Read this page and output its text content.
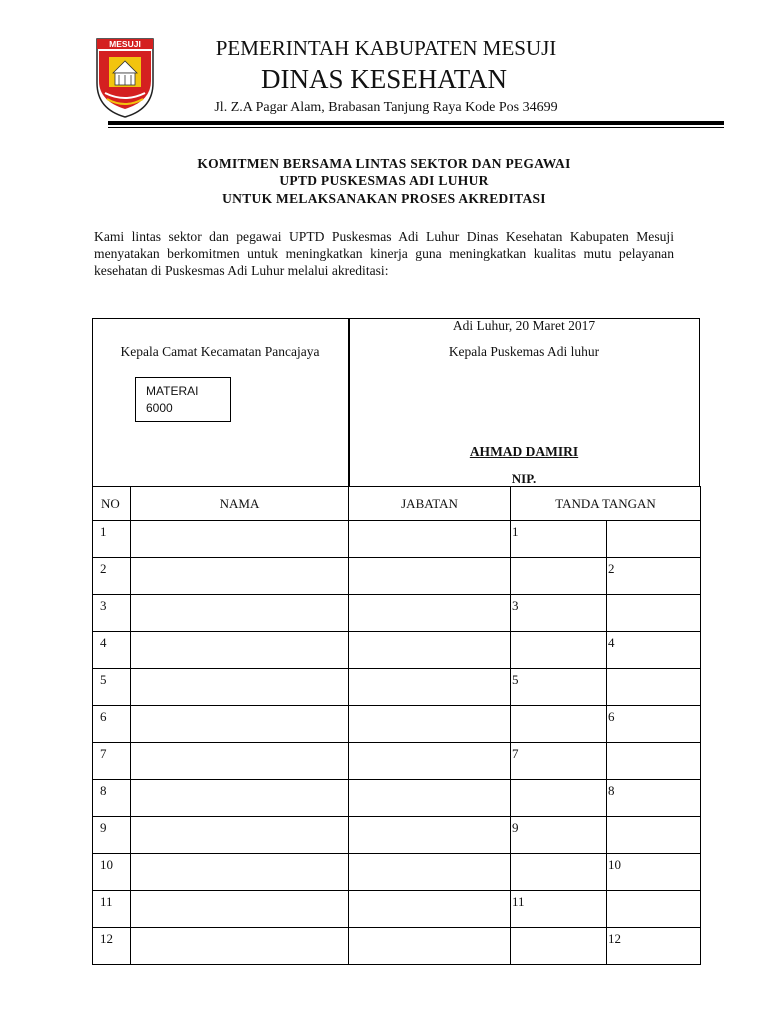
MESUJI	PEMERINTAH KABUPATEN MESUJI
DINAS KESEHATAN
Jl. Z.A Pagar Alam, Brabasan Tanjung Raya Kode Pos 34699
KOMITMEN BERSAMA LINTAS SEKTOR DAN PEGAWAI
UPTD PUSKESMAS ADI LUHUR
UNTUK MELAKSANAKAN PROSES AKREDITASI

Kami lintas sektor dan pegawai UPTD Puskesmas Adi Luhur Dinas Kesehatan Kabupaten Mesuji menyatakan berkomitmen untuk meningkatkan kinerja guna meningkatkan kualitas mutu pelayanan kesehatan di Puskesmas Adi Luhur melalui akreditasi:

Kepala Camat Kecamatan Pancajaya
MATERAI
6000
Adi Luhur, 20 Maret 2017
Kepala Puskemas Adi luhur
AHMAD DAMIRI
NIP.
NO	NAMA	JABATAN	TANDA TANGAN	
1			1	
2				2
3			3	
4				4
5			5	
6				6
7			7	
8				8
9			9	
10				10
11			11	
12				12
